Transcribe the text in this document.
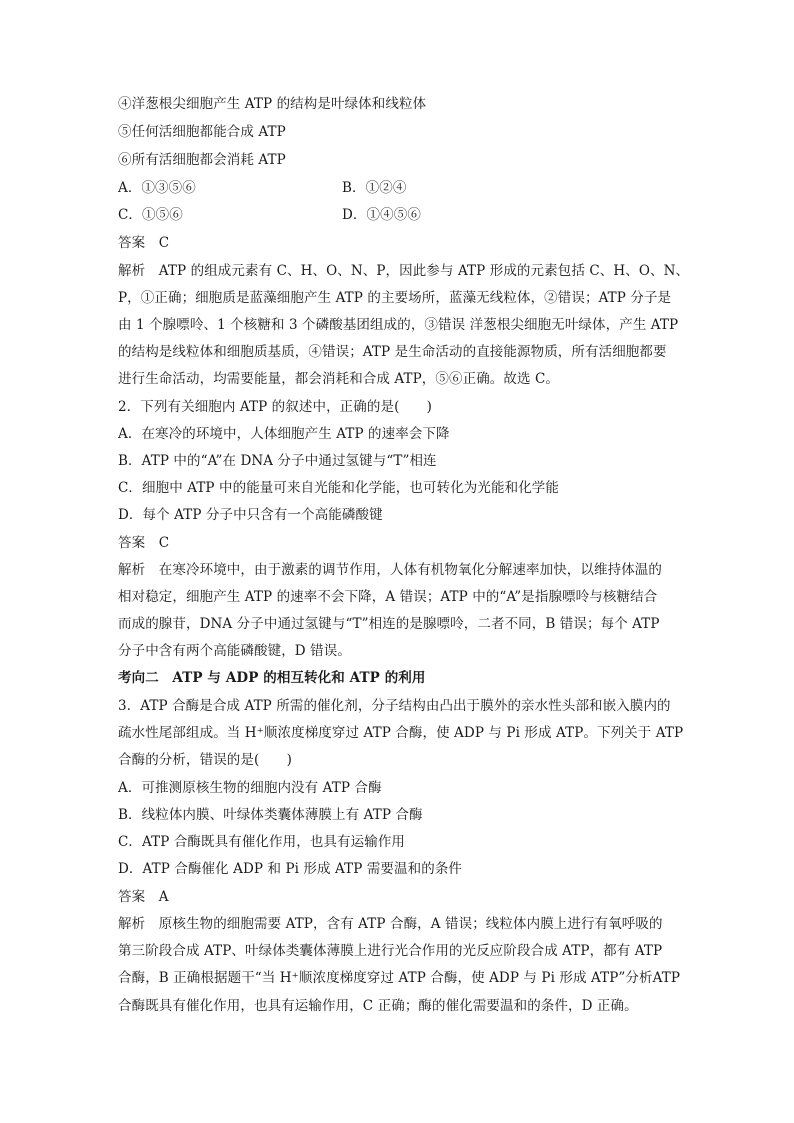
④洋葱根尖细胞产生 ATP 的结构是叶绿体和线粒体
⑤任何活细胞都能合成 ATP
⑥所有活细胞都会消耗 ATP
A．①③⑤⑥	B．①②④
C．①⑤⑥	D．①④⑤⑥
答案　C
解析　ATP 的组成元素有 C、H、O、N、P，因此参与 ATP 形成的元素包括 C、H、O、N、
P，①正确；细胞质是蓝藻细胞产生 ATP 的主要场所，蓝藻无线粒体，②错误；ATP 分子是
由 1 个腺嘌呤、1 个核糖和 3 个磷酸基团组成的，③错误 洋葱根尖细胞无叶绿体，产生 ATP
的结构是线粒体和细胞质基质，④错误；ATP 是生命活动的直接能源物质，所有活细胞都要
进行生命活动，均需要能量，都会消耗和合成 ATP，⑤⑥正确。故选 C。
2．下列有关细胞内 ATP 的叙述中，正确的是(　　)
A．在寒冷的环境中，人体细胞产生 ATP 的速率会下降
B．ATP 中的“A”在 DNA 分子中通过氢键与“T”相连
C．细胞中 ATP 中的能量可来自光能和化学能，也可转化为光能和化学能
D．每个 ATP 分子中只含有一个高能磷酸键
答案　C
解析　在寒冷环境中，由于激素的调节作用，人体有机物氧化分解速率加快，以维持体温的
相对稳定，细胞产生 ATP 的速率不会下降，A 错误；ATP 中的“A”是指腺嘌呤与核糖结合
而成的腺苷，DNA 分子中通过氢键与“T”相连的是腺嘌呤，二者不同，B 错误；每个 ATP
分子中含有两个高能磷酸键，D 错误。
考向二　ATP 与 ADP 的相互转化和 ATP 的利用
3．ATP 合酶是合成 ATP 所需的催化剂，分子结构由凸出于膜外的亲水性头部和嵌入膜内的
疏水性尾部组成。当 H⁺顺浓度梯度穿过 ATP 合酶，使 ADP 与 Pi 形成 ATP。下列关于 ATP
合酶的分析，错误的是(　　)
A．可推测原核生物的细胞内没有 ATP 合酶
B．线粒体内膜、叶绿体类囊体薄膜上有 ATP 合酶
C．ATP 合酶既具有催化作用，也具有运输作用
D．ATP 合酶催化 ADP 和 Pi 形成 ATP 需要温和的条件
答案　A
解析　原核生物的细胞需要 ATP，含有 ATP 合酶，A 错误；线粒体内膜上进行有氧呼吸的
第三阶段合成 ATP、叶绿体类囊体薄膜上进行光合作用的光反应阶段合成 ATP，都有 ATP
合酶，B 正确根据题干“当 H⁺顺浓度梯度穿过 ATP 合酶，使 ADP 与 Pi 形成 ATP”分析ATP
合酶既具有催化作用，也具有运输作用，C 正确；酶的催化需要温和的条件，D 正确。
